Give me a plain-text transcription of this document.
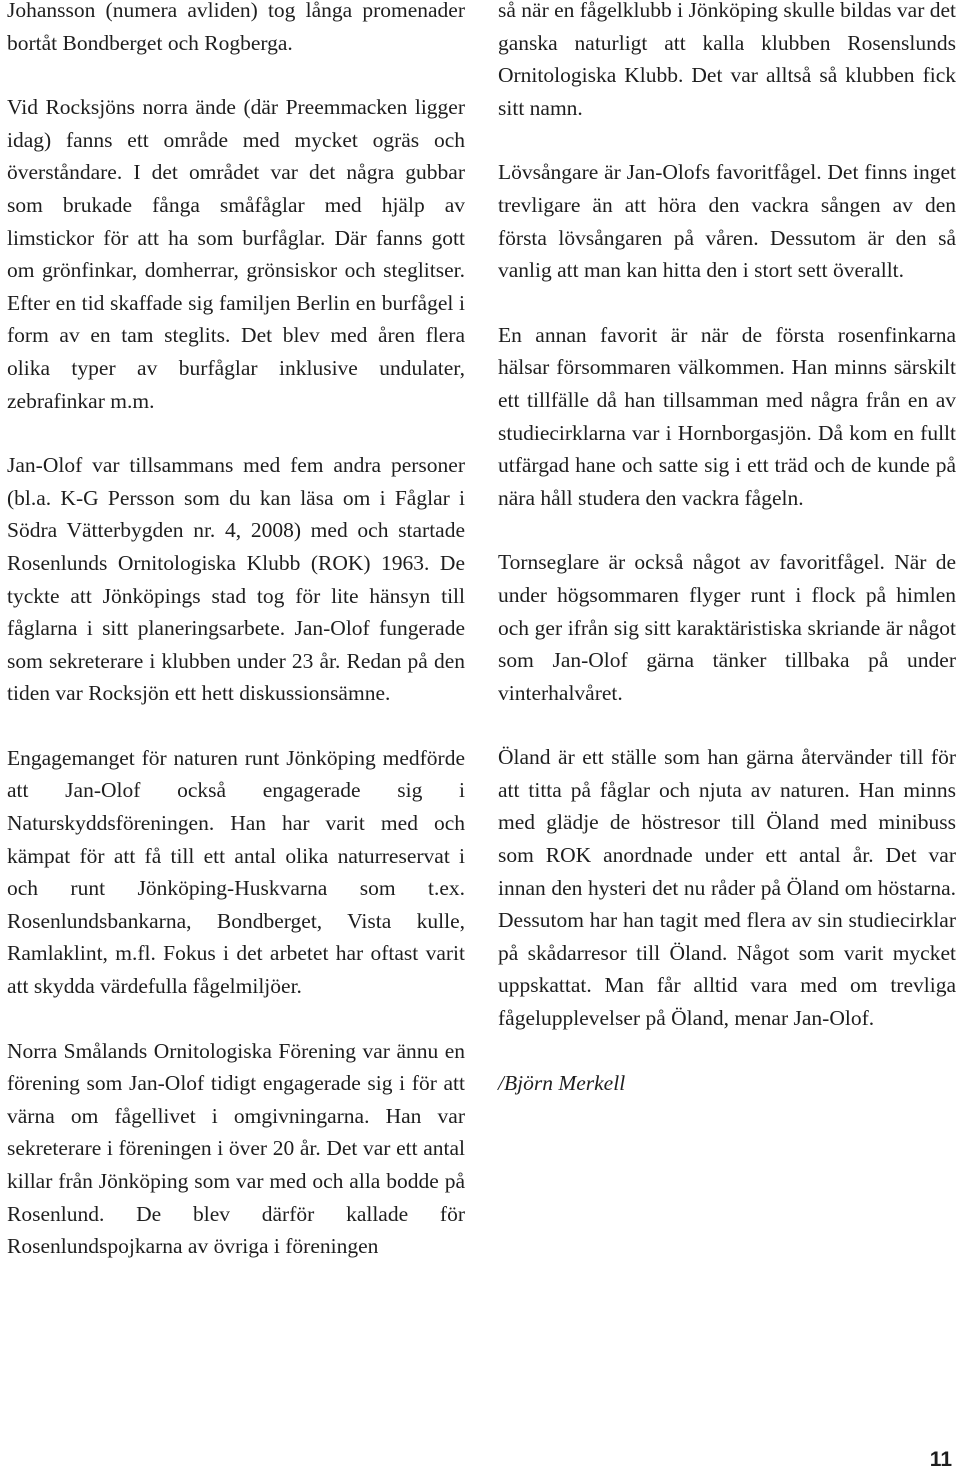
Johansson (numera avliden) tog långa promenader bortåt Bondberget och Rogberga.

Vid Rocksjöns norra ände (där Preemmacken ligger idag) fanns ett område med mycket ogräs och överståndare. I det området var det några gubbar som brukade fånga småfåglar med hjälp av limstickor för att ha som burfåglar. Där fanns gott om grönfinkar, domherrar, grönsiskor och steglitser. Efter en tid skaffade sig familjen Berlin en burfågel i form av en tam steglits. Det blev med åren flera olika typer av burfåglar inklusive undulater, zebrafinkar m.m.

Jan-Olof var tillsammans med fem andra personer (bl.a. K-G Persson som du kan läsa om i Fåglar i Södra Vätterbygden nr. 4, 2008) med och startade Rosenlunds Ornitologiska Klubb (ROK) 1963. De tyckte att Jönköpings stad tog för lite hänsyn till fåglarna i sitt planeringsarbete. Jan-Olof fungerade som sekreterare i klubben under 23 år. Redan på den tiden var Rocksjön ett hett diskussionsämne.

Engagemanget för naturen runt Jönköping medförde att Jan-Olof också engagerade sig i Naturskyddsföreningen. Han har varit med och kämpat för att få till ett antal olika naturreservat i och runt Jönköping-Huskvarna som t.ex. Rosenlundsbankarna, Bondberget, Vista kulle, Ramlaklint, m.fl. Fokus i det arbetet har oftast varit att skydda värdefulla fågelmiljöer.

Norra Smålands Ornitologiska Förening var ännu en förening som Jan-Olof tidigt engagerade sig i för att värna om fågellivet i omgivningarna. Han var sekreterare i föreningen i över 20 år. Det var ett antal killar från Jönköping som var med och alla bodde på Rosenlund. De blev därför kallade för Rosenlundspojkarna av övriga i föreningen

så när en fågelklubb i Jönköping skulle bildas var det ganska naturligt att kalla klubben Rosenslunds Ornitologiska Klubb. Det var alltså så klubben fick sitt namn.

Lövsångare är Jan-Olofs favoritfågel. Det finns inget trevligare än att höra den vackra sången av den första lövsångaren på våren. Dessutom är den så vanlig att man kan hitta den i stort sett överallt.

En annan favorit är när de första rosenfinkarna hälsar försommaren välkommen. Han minns särskilt ett tillfälle då han tillsamman med några från en av studiecirklarna var i Hornborgasjön. Då kom en fullt utfärgad hane och satte sig i ett träd och de kunde på nära håll studera den vackra fågeln.

Tornseglare är också något av favoritfågel. När de under högsommaren flyger runt i flock på himlen och ger ifrån sig sitt karaktäristiska skriande är något som Jan-Olof gärna tänker tillbaka på under vinterhalvåret.

Öland är ett ställe som han gärna återvänder till för att titta på fåglar och njuta av naturen. Han minns med glädje de höstresor till Öland med minibuss som ROK anordnade under ett antal år. Det var innan den hysteri det nu råder på Öland om höstarna. Dessutom har han tagit med flera av sin studiecirklar på skådarresor till Öland. Något som varit mycket uppskattat. Man får alltid vara med om trevliga fågelupplevelser på Öland, menar Jan-Olof.

/Björn Merkell

11
